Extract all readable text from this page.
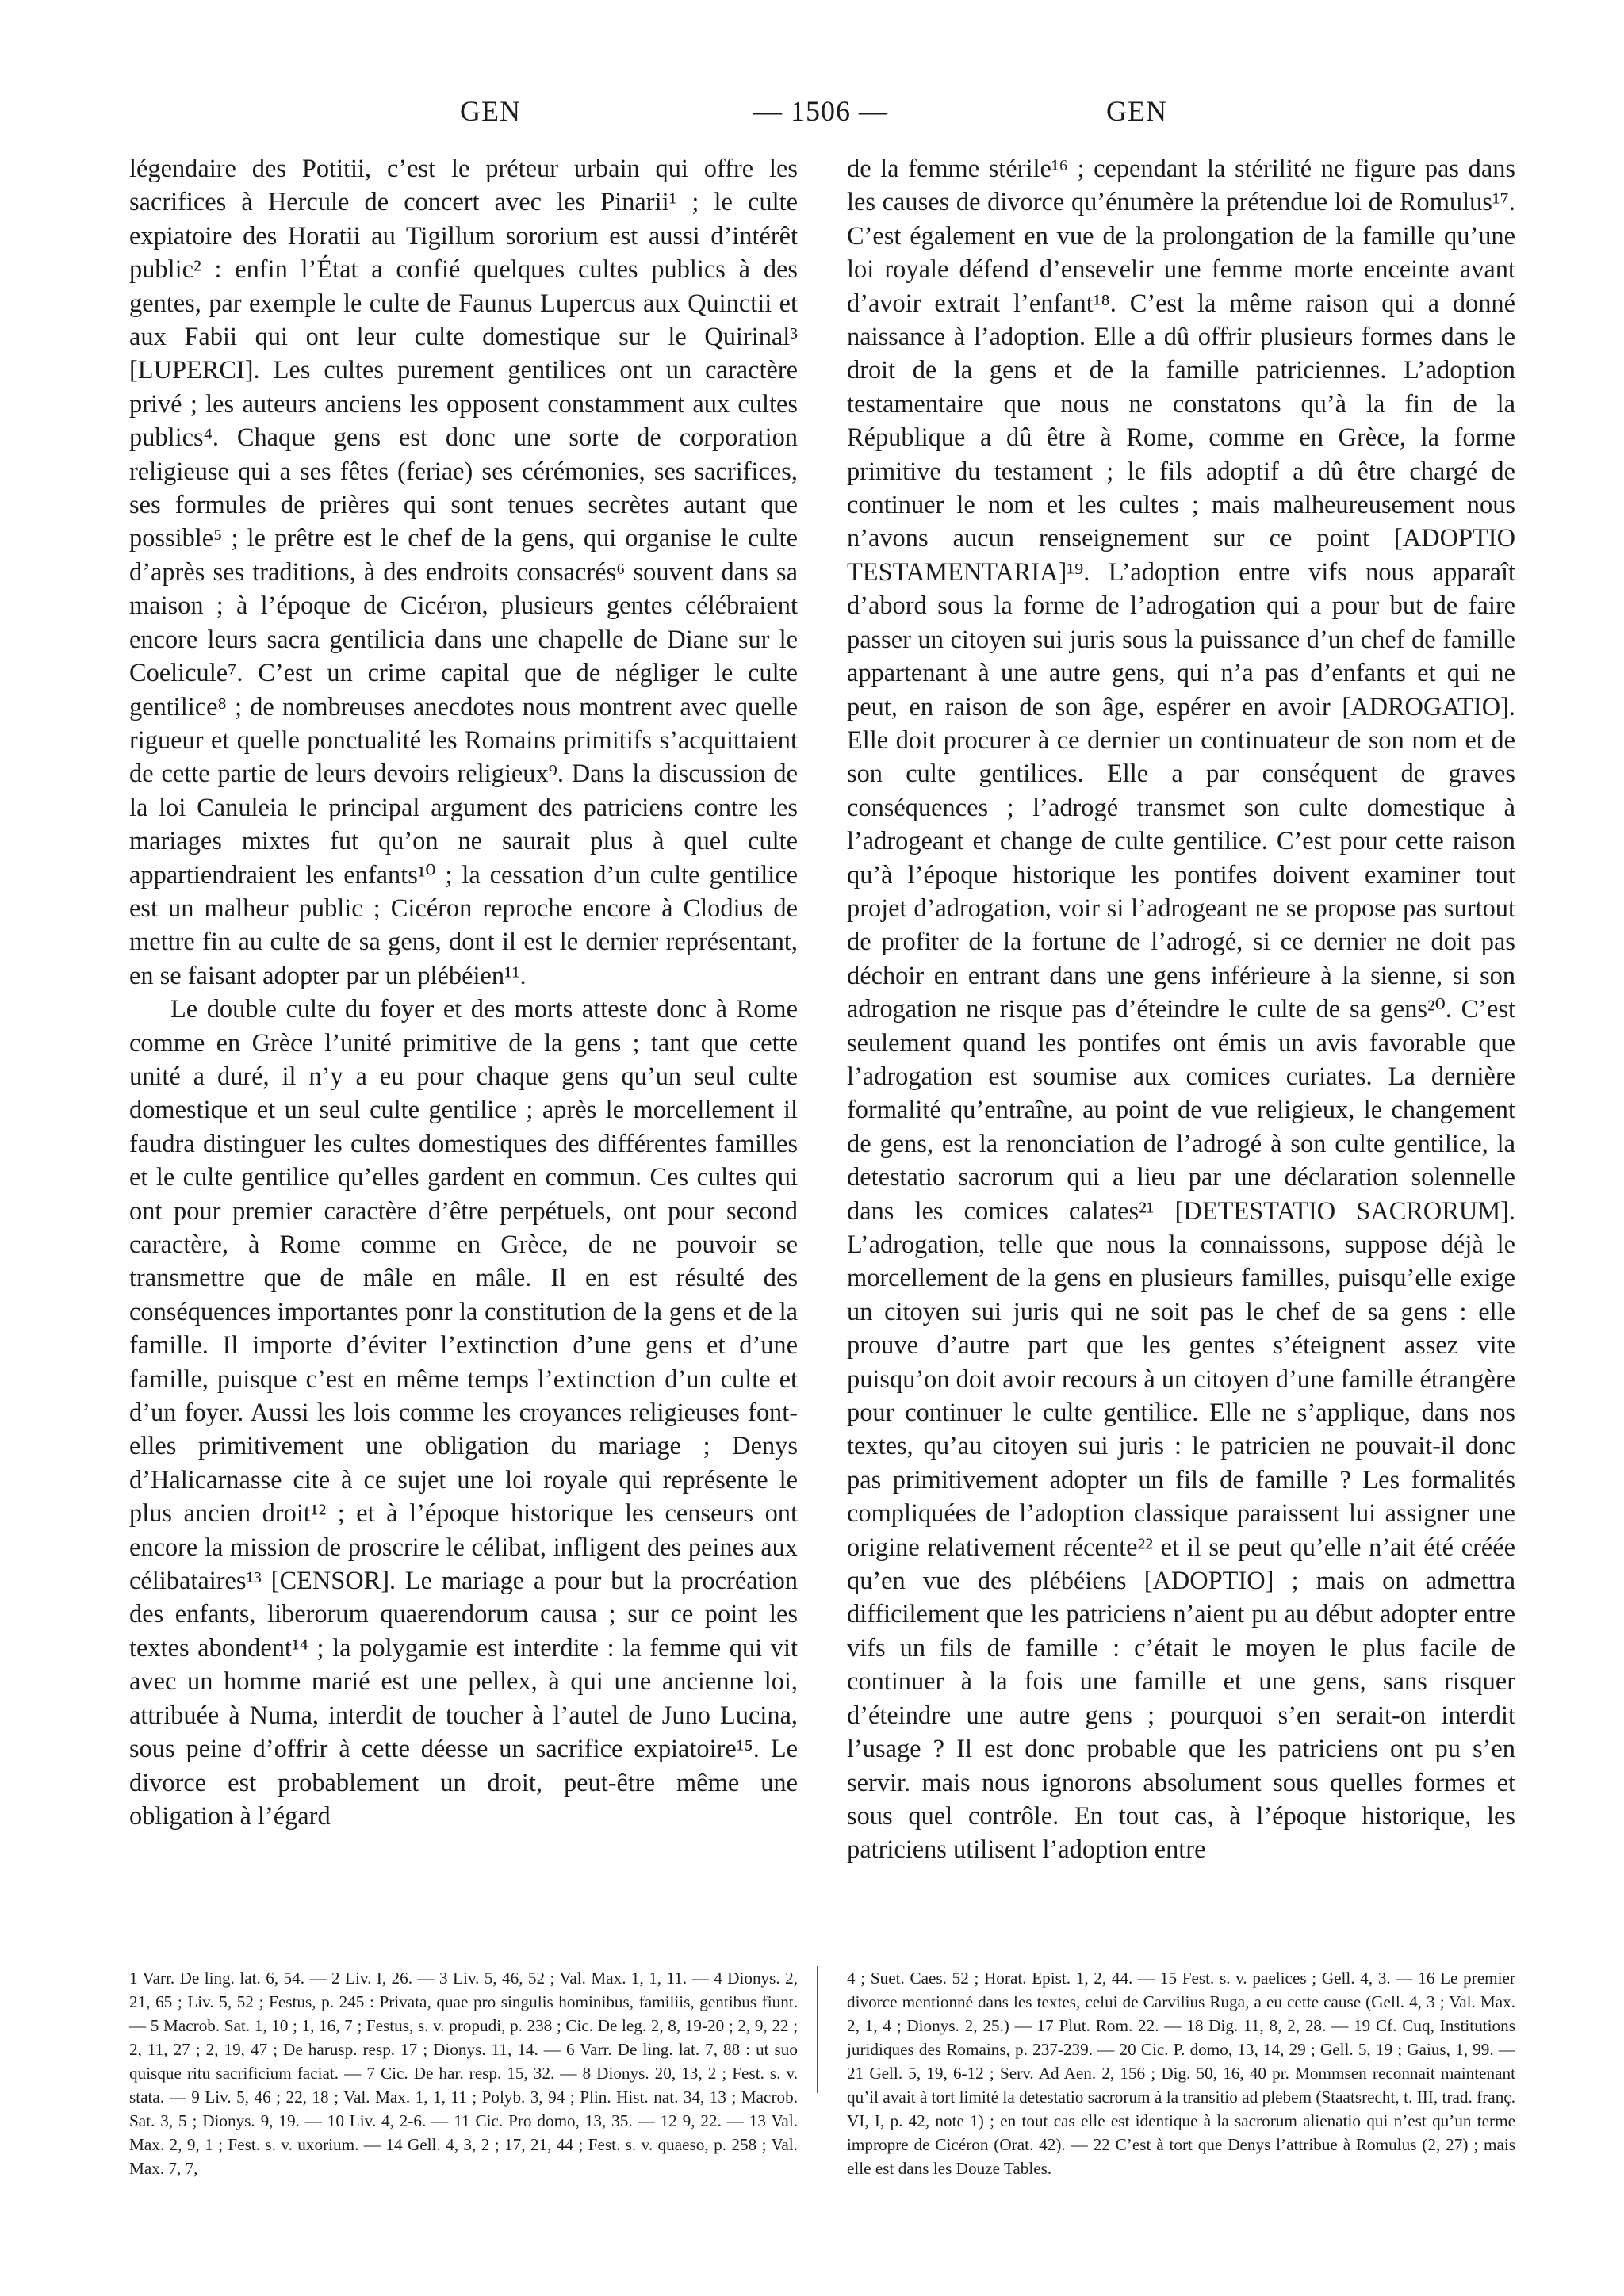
GEN	— 1506 —	GEN

légendaire des Potitii, c’est le préteur urbain qui offre les sacrifices à Hercule de concert avec les Pinarii¹ ; le culte expiatoire des Horatii au Tigillum sororium est aussi d’intérêt public² : enfin l’État a confié quelques cultes publics à des gentes, par exemple le culte de Faunus Lupercus aux Quinctii et aux Fabii qui ont leur culte domestique sur le Quirinal³ [LUPERCI]. Les cultes purement gentilices ont un caractère privé ; les auteurs anciens les opposent constamment aux cultes publics⁴. Chaque gens est donc une sorte de corporation religieuse qui a ses fêtes (feriae) ses cérémonies, ses sacrifices, ses formules de prières qui sont tenues secrètes autant que possible⁵ ; le prêtre est le chef de la gens, qui organise le culte d’après ses traditions, à des endroits consacrés⁶ souvent dans sa maison ; à l’époque de Cicéron, plusieurs gentes célébraient encore leurs sacra gentilicia dans une chapelle de Diane sur le Coelicule⁷. C’est un crime capital que de négliger le culte gentilice⁸ ; de nombreuses anecdotes nous montrent avec quelle rigueur et quelle ponctualité les Romains primitifs s’acquittaient de cette partie de leurs devoirs religieux⁹. Dans la discussion de la loi Canuleia le principal argument des patriciens contre les mariages mixtes fut qu’on ne saurait plus à quel culte appartiendraient les enfants¹⁰ ; la cessation d’un culte gentilice est un malheur public ; Cicéron reproche encore à Clodius de mettre fin au culte de sa gens, dont il est le dernier représentant, en se faisant adopter par un plébéien¹¹.

Le double culte du foyer et des morts atteste donc à Rome comme en Grèce l’unité primitive de la gens ; tant que cette unité a duré, il n’y a eu pour chaque gens qu’un seul culte domestique et un seul culte gentilice ; après le morcellement il faudra distinguer les cultes domestiques des différentes familles et le culte gentilice qu’elles gardent en commun. Ces cultes qui ont pour premier caractère d’être perpétuels, ont pour second caractère, à Rome comme en Grèce, de ne pouvoir se transmettre que de mâle en mâle. Il en est résulté des conséquences importantes ponr la constitution de la gens et de la famille. Il importe d’éviter l’extinction d’une gens et d’une famille, puisque c’est en même temps l’extinction d’un culte et d’un foyer. Aussi les lois comme les croyances religieuses font-elles primitivement une obligation du mariage ; Denys d’Halicarnasse cite à ce sujet une loi royale qui représente le plus ancien droit¹² ; et à l’époque historique les censeurs ont encore la mission de proscrire le célibat, infligent des peines aux célibataires¹³ [CENSOR]. Le mariage a pour but la procréation des enfants, liberorum quaerendorum causa ; sur ce point les textes abondent¹⁴ ; la polygamie est interdite : la femme qui vit avec un homme marié est une pellex, à qui une ancienne loi, attribuée à Numa, interdit de toucher à l’autel de Juno Lucina, sous peine d’offrir à cette déesse un sacrifice expiatoire¹⁵. Le divorce est probablement un droit, peut-être même une obligation à l’égard

de la femme stérile¹⁶ ; cependant la stérilité ne figure pas dans les causes de divorce qu’énumère la prétendue loi de Romulus¹⁷. C’est également en vue de la prolongation de la famille qu’une loi royale défend d’ensevelir une femme morte enceinte avant d’avoir extrait l’enfant¹⁸. C’est la même raison qui a donné naissance à l’adoption. Elle a dû offrir plusieurs formes dans le droit de la gens et de la famille patriciennes. L’adoption testamentaire que nous ne constatons qu’à la fin de la République a dû être à Rome, comme en Grèce, la forme primitive du testament ; le fils adoptif a dû être chargé de continuer le nom et les cultes ; mais malheureusement nous n’avons aucun renseignement sur ce point [ADOPTIO TESTAMENTARIA]¹⁹. L’adoption entre vifs nous apparaît d’abord sous la forme de l’adrogation qui a pour but de faire passer un citoyen sui juris sous la puissance d’un chef de famille appartenant à une autre gens, qui n’a pas d’enfants et qui ne peut, en raison de son âge, espérer en avoir [ADROGATIO]. Elle doit procurer à ce dernier un continuateur de son nom et de son culte gentilices. Elle a par conséquent de graves conséquences ; l’adrogé transmet son culte domestique à l’adrogeant et change de culte gentilice. C’est pour cette raison qu’à l’époque historique les pontifes doivent examiner tout projet d’adrogation, voir si l’adrogeant ne se propose pas surtout de profiter de la fortune de l’adrogé, si ce dernier ne doit pas déchoir en entrant dans une gens inférieure à la sienne, si son adrogation ne risque pas d’éteindre le culte de sa gens²⁰. C’est seulement quand les pontifes ont émis un avis favorable que l’adrogation est soumise aux comices curiates. La dernière formalité qu’entraîne, au point de vue religieux, le changement de gens, est la renonciation de l’adrogé à son culte gentilice, la detestatio sacrorum qui a lieu par une déclaration solennelle dans les comices calates²¹ [DETESTATIO SACRORUM]. L’adrogation, telle que nous la connaissons, suppose déjà le morcellement de la gens en plusieurs familles, puisqu’elle exige un citoyen sui juris qui ne soit pas le chef de sa gens : elle prouve d’autre part que les gentes s’éteignent assez vite puisqu’on doit avoir recours à un citoyen d’une famille étrangère pour continuer le culte gentilice. Elle ne s’applique, dans nos textes, qu’au citoyen sui juris : le patricien ne pouvait-il donc pas primitivement adopter un fils de famille ? Les formalités compliquées de l’adoption classique paraissent lui assigner une origine relativement récente²² et il se peut qu’elle n’ait été créée qu’en vue des plébéiens [ADOPTIO] ; mais on admettra difficilement que les patriciens n’aient pu au début adopter entre vifs un fils de famille : c’était le moyen le plus facile de continuer à la fois une famille et une gens, sans risquer d’éteindre une autre gens ; pourquoi s’en serait-on interdit l’usage ? Il est donc probable que les patriciens ont pu s’en servir. mais nous ignorons absolument sous quelles formes et sous quel contrôle. En tout cas, à l’époque historique, les patriciens utilisent l’adoption entre

1 Varr. De ling. lat. 6, 54. — 2 Liv. I, 26. — 3 Liv. 5, 46, 52 ; Val. Max. 1, 1, 11. — 4 Dionys. 2, 21, 65 ; Liv. 5, 52 ; Festus, p. 245 : Privata, quae pro singulis hominibus, familiis, gentibus fiunt. — 5 Macrob. Sat. 1, 10 ; 1, 16, 7 ; Festus, s. v. propudi, p. 238 ; Cic. De leg. 2, 8, 19-20 ; 2, 9, 22 ; 2, 11, 27 ; 2, 19, 47 ; De harusp. resp. 17 ; Dionys. 11, 14. — 6 Varr. De ling. lat. 7, 88 : ut suo quisque ritu sacrificium faciat. — 7 Cic. De har. resp. 15, 32. — 8 Dionys. 20, 13, 2 ; Fest. s. v. stata. — 9 Liv. 5, 46 ; 22, 18 ; Val. Max. 1, 1, 11 ; Polyb. 3, 94 ; Plin. Hist. nat. 34, 13 ; Macrob. Sat. 3, 5 ; Dionys. 9, 19. — 10 Liv. 4, 2-6. — 11 Cic. Pro domo, 13, 35. — 12 9, 22. — 13 Val. Max. 2, 9, 1 ; Fest. s. v. uxorium. — 14 Gell. 4, 3, 2 ; 17, 21, 44 ; Fest. s. v. quaeso, p. 258 ; Val. Max. 7, 7,
4 ; Suet. Caes. 52 ; Horat. Epist. 1, 2, 44. — 15 Fest. s. v. paelices ; Gell. 4, 3. — 16 Le premier divorce mentionné dans les textes, celui de Carvilius Ruga, a eu cette cause (Gell. 4, 3 ; Val. Max. 2, 1, 4 ; Dionys. 2, 25.) — 17 Plut. Rom. 22. — 18 Dig. 11, 8, 2, 28. — 19 Cf. Cuq, Institutions juridiques des Romains, p. 237-239. — 20 Cic. P. domo, 13, 14, 29 ; Gell. 5, 19 ; Gaius, 1, 99. — 21 Gell. 5, 19, 6-12 ; Serv. Ad Aen. 2, 156 ; Dig. 50, 16, 40 pr. Mommsen reconnait maintenant qu’il avait à tort limité la detestatio sacrorum à la transitio ad plebem (Staatsrecht, t. III, trad. franç. VI, I, p. 42, note 1) ; en tout cas elle est identique à la sacrorum alienatio qui n’est qu’un terme impropre de Cicéron (Orat. 42). — 22 C’est à tort que Denys l’attribue à Romulus (2, 27) ; mais elle est dans les Douze Tables.
